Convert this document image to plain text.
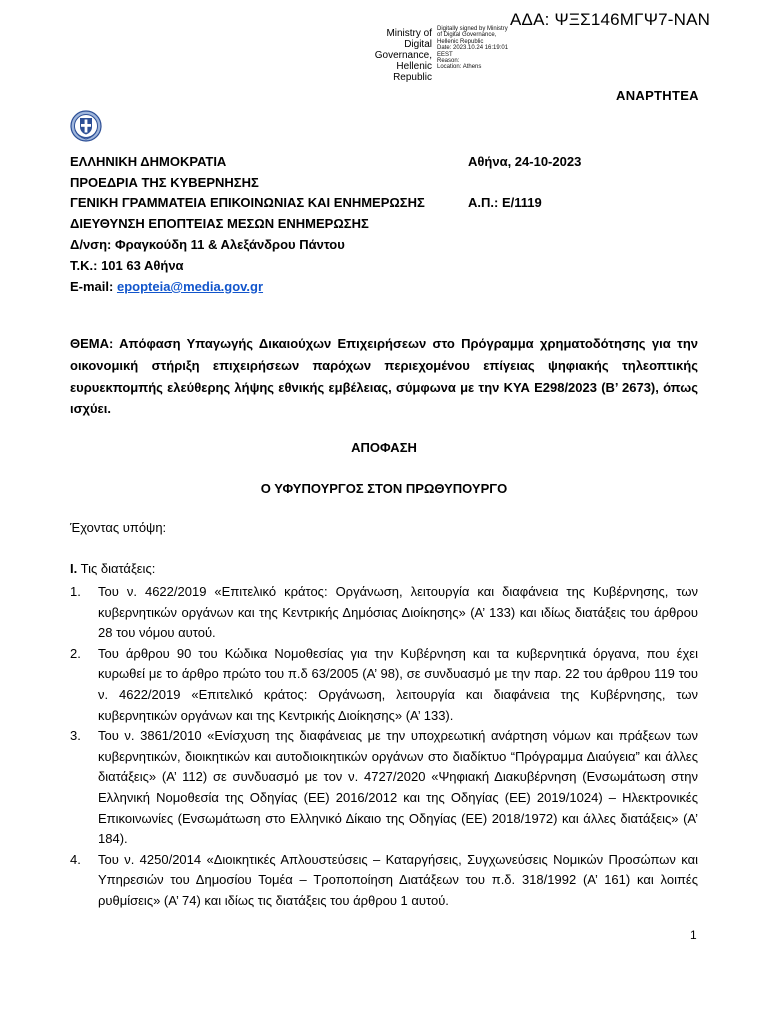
ΑΔΑ: ΨΞΣ146ΜΓΨ7-ΝΑΝ
Ministry of Digital Governance, Hellenic Republic
Digitally signed by Ministry
of Digital Governance,
Hellenic Republic
Date: 2023.10.24 16:19:01
EEST
Reason:
Location: Athens
ΑΝΑΡΤΗΤΕΑ
ΕΛΛΗΝΙΚΗ ΔΗΜΟΚΡΑΤΙΑ	Αθήνα, 24-10-2023
ΠΡΟΕΔΡΙΑ ΤΗΣ ΚΥΒΕΡΝΗΣΗΣ
ΓΕΝΙΚΗ ΓΡΑΜΜΑΤΕΙΑ ΕΠΙΚΟΙΝΩΝΙΑΣ ΚΑΙ ΕΝΗΜΕΡΩΣΗΣ	Α.Π.: Ε/1119
ΔΙΕΥΘΥΝΣΗ ΕΠΟΠΤΕΙΑΣ ΜΕΣΩΝ ΕΝΗΜΕΡΩΣΗΣ
Δ/νση: Φραγκούδη 11 & Αλεξάνδρου Πάντου
Τ.Κ.: 101 63 Αθήνα
E-mail: epopteia@media.gov.gr
ΘΕΜΑ: Απόφαση Υπαγωγής Δικαιούχων Επιχειρήσεων στο Πρόγραμμα χρηματοδότησης για την οικονομική στήριξη επιχειρήσεων παρόχων περιεχομένου επίγειας ψηφιακής τηλεοπτικής ευρυεκπομπής ελεύθερης λήψης εθνικής εμβέλειας, σύμφωνα με την ΚΥΑ Ε298/2023 (Β’ 2673), όπως ισχύει.
ΑΠΟΦΑΣΗ
Ο ΥΦΥΠΟΥΡΓΟΣ ΣΤΟΝ ΠΡΩΘΥΠΟΥΡΓΟ
Έχοντας υπόψη:
Ι. Τις διατάξεις:
1. Του ν. 4622/2019 «Επιτελικό κράτος: Οργάνωση, λειτουργία και διαφάνεια της Κυβέρνησης, των κυβερνητικών οργάνων και της Κεντρικής Δημόσιας Διοίκησης» (Α’ 133) και ιδίως διατάξεις του άρθρου 28 του νόμου αυτού.
2. Του άρθρου 90 του Κώδικα Νομοθεσίας για την Κυβέρνηση και τα κυβερνητικά όργανα, που έχει κυρωθεί με το άρθρο πρώτο του π.δ 63/2005 (Α’ 98), σε συνδυασμό με την παρ. 22 του άρθρου 119 του ν. 4622/2019 «Επιτελικό κράτος: Οργάνωση, λειτουργία και διαφάνεια της Κυβέρνησης, των κυβερνητικών οργάνων και της Κεντρικής Διοίκησης» (Α’ 133).
3. Του ν. 3861/2010 «Ενίσχυση της διαφάνειας με την υποχρεωτική ανάρτηση νόμων και πράξεων των κυβερνητικών, διοικητικών και αυτοδιοικητικών οργάνων στο διαδίκτυο “Πρόγραμμα Διαύγεια” και άλλες διατάξεις» (Α’ 112) σε συνδυασμό με τον ν. 4727/2020 «Ψηφιακή Διακυβέρνηση (Ενσωμάτωση στην Ελληνική Νομοθεσία της Οδηγίας (ΕΕ) 2016/2012 και της Οδηγίας (ΕΕ) 2019/1024) – Ηλεκτρονικές Επικοινωνίες (Ενσωμάτωση στο Ελληνικό Δίκαιο της Οδηγίας (ΕΕ) 2018/1972) και άλλες διατάξεις» (Α’ 184).
4. Του ν. 4250/2014 «Διοικητικές Απλουστεύσεις – Καταργήσεις, Συγχωνεύσεις Νομικών Προσώπων και Υπηρεσιών του Δημοσίου Τομέα – Τροποποίηση Διατάξεων του π.δ. 318/1992 (Α’ 161) και λοιπές ρυθμίσεις» (Α’ 74) και ιδίως τις διατάξεις του άρθρου 1 αυτού.
1
